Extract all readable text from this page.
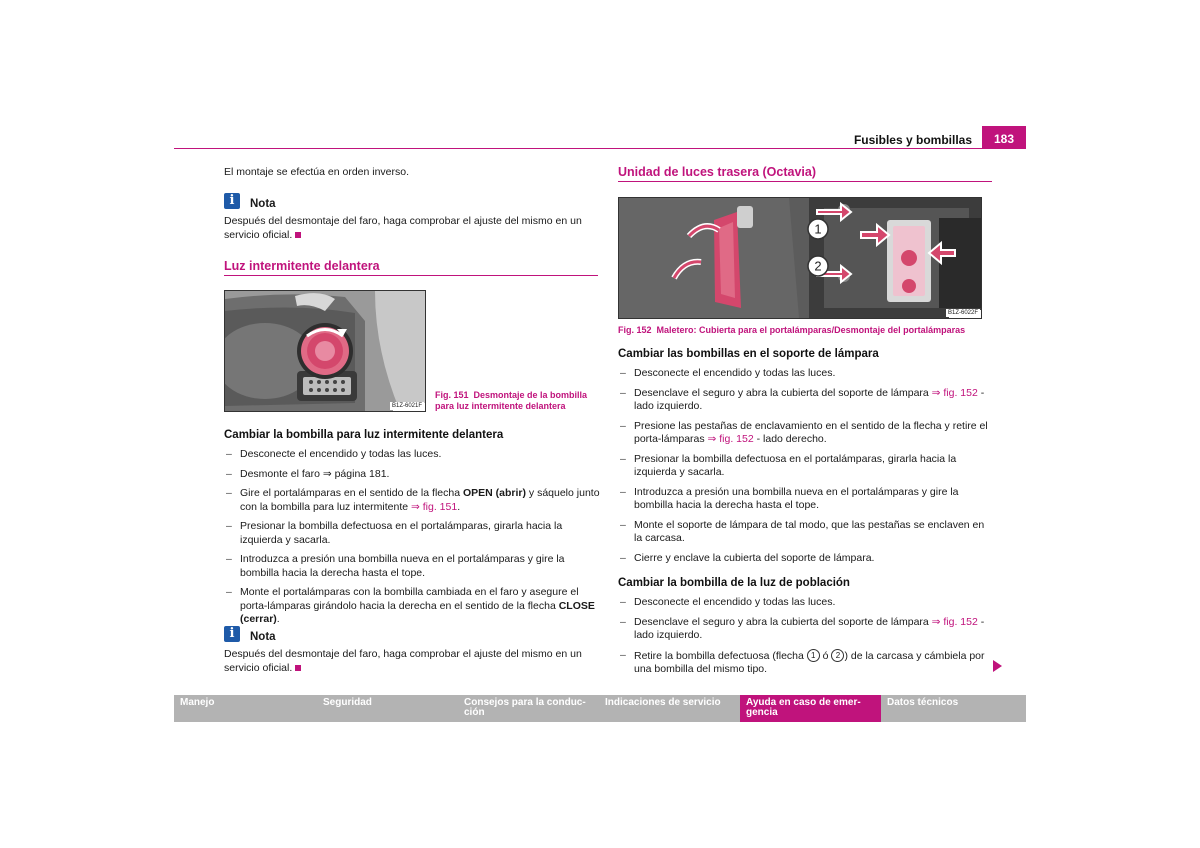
Fusibles y bombillas	183
El montaje se efectúa en orden inverso.
i	Nota
Después del desmontaje del faro, haga comprobar el ajuste del mismo en un servicio oficial.
Luz intermitente delantera
B1Z-6021F
Fig. 151 Desmontaje de la bombilla
para luz intermitente delantera
Cambiar la bombilla para luz intermitente delantera
– Desconecte el encendido y todas las luces.
– Desmonte el faro ⇒ página 181.
– Gire el portalámparas en el sentido de la flecha OPEN (abrir) y sáquelo junto con la bombilla para luz intermitente ⇒ fig. 151.
– Presionar la bombilla defectuosa en el portalámparas, girarla hacia la izquierda y sacarla.
– Introduzca a presión una bombilla nueva en el portalámparas y gire la bombilla hacia la derecha hasta el tope.
– Monte el portalámparas con la bombilla cambiada en el faro y asegure el porta-lámparas girándolo hacia la derecha en el sentido de la flecha CLOSE (cerrar).
i	Nota
Después del desmontaje del faro, haga comprobar el ajuste del mismo en un servicio oficial.
Unidad de luces trasera (Octavia)
1
2
B1Z-6022F
Fig. 152 Maletero: Cubierta para el portalámparas/Desmontaje del portalámparas
Cambiar las bombillas en el soporte de lámpara
– Desconecte el encendido y todas las luces.
– Desenclave el seguro y abra la cubierta del soporte de lámpara ⇒ fig. 152 - lado izquierdo.
– Presione las pestañas de enclavamiento en el sentido de la flecha y retire el porta-lámparas ⇒ fig. 152 - lado derecho.
– Presionar la bombilla defectuosa en el portalámparas, girarla hacia la izquierda y sacarla.
– Introduzca a presión una bombilla nueva en el portalámparas y gire la bombilla hacia la derecha hasta el tope.
– Monte el soporte de lámpara de tal modo, que las pestañas se enclaven en la carcasa.
– Cierre y enclave la cubierta del soporte de lámpara.
Cambiar la bombilla de la luz de población
– Desconecte el encendido y todas las luces.
– Desenclave el seguro y abra la cubierta del soporte de lámpara ⇒ fig. 152 - lado izquierdo.
– Retire la bombilla defectuosa (flecha 1 ó 2 ) de la carcasa y cámbiela por una bombilla del mismo tipo.
Manejo	Seguridad	Consejos para la conduc-ción
Indicaciones de servicio	Ayuda en caso de emer-gencia
Datos técnicos
